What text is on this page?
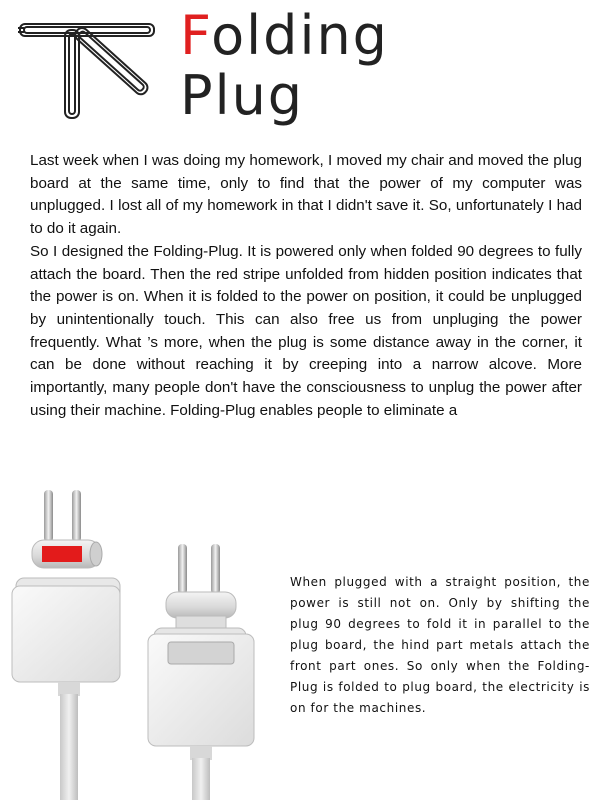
Folding
Plug

Last week when I was doing my homework, I moved my chair and moved the plug board at the same time, only to find that the power of my computer was unplugged. I lost all of my homework in that I didn't save it. So, unfortunately I had to do it again.

So I designed the Folding-Plug. It is powered only when folded 90 degrees to fully attach the board. Then the red stripe unfolded from hidden position indicates that the power is on. When it is folded to the power on position, it could be unplugged by unintentionally touch. This can also free us from unpluging the power frequently. What ’s more, when the plug is some distance away in the corner, it can be done without reaching it by creeping into a narrow alcove. More importantly, many people don't have the consciousness to unplug the power after using their machine. Folding-Plug enables people to eliminate a

When plugged with a straight position, the power is still not on. Only by shifting the plug 90 degrees to fold it in parallel to the plug board, the hind part metals attach the front part ones. So only when the Folding-Plug is folded to plug board, the electricity is on for the machines.
